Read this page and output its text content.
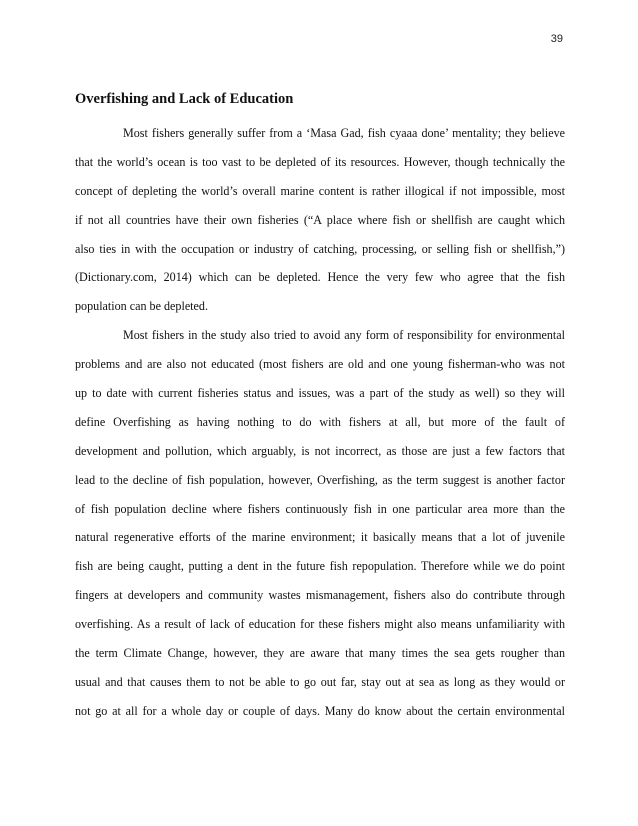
39
Overfishing and Lack of Education
Most fishers generally suffer from a ‘Masa Gad, fish cyaaa done’ mentality; they believe
that the world’s ocean is too vast to be depleted of its resources. However, though technically the
concept of depleting the world’s overall marine content is rather illogical if not impossible, most
if not all countries have their own fisheries (“A place where fish or shellfish are caught which
also ties in with the occupation or industry of catching, processing, or selling fish or shellfish,”)
(Dictionary.com, 2014) which can be depleted. Hence the very few who agree that the fish
population can be depleted.
Most fishers in the study also tried to avoid any form of responsibility for environmental
problems and are also not educated (most fishers are old and one young fisherman-who was not
up to date with current fisheries status and issues, was a part of the study as well) so they will
define Overfishing as having nothing to do with fishers at all, but more of the fault of
development and pollution, which arguably, is not incorrect, as those are just a few factors that
lead to the decline of fish population, however, Overfishing, as the term suggest is another factor
of fish population decline where fishers continuously fish in one particular area more than the
natural regenerative efforts of the marine environment; it basically means that a lot of juvenile
fish are being caught, putting a dent in the future fish repopulation. Therefore while we do point
fingers at developers and community wastes mismanagement, fishers also do contribute through
overfishing. As a result of lack of education for these fishers might also means unfamiliarity with
the term Climate Change, however, they are aware that many times the sea gets rougher than
usual and that causes them to not be able to go out far, stay out at sea as long as they would or
not go at all for a whole day or couple of days. Many do know about the certain environmental
